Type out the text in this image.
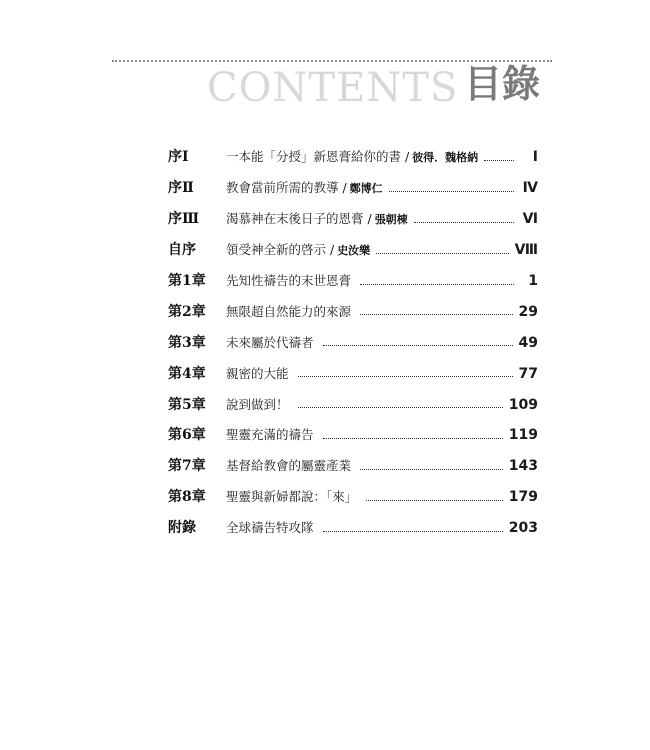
CONTENTS 目錄
序Ⅰ	一本能「分授」新恩膏給你的書 / 彼得．魏格納	Ⅰ
序Ⅱ	教會當前所需的教導 / 鄭博仁	Ⅳ
序Ⅲ	渴慕神在末後日子的恩膏 / 張朝棟	Ⅵ
自序	領受神全新的啓示 / 史汝樂	Ⅷ
第1章	先知性禱告的末世恩膏	1
第2章	無限超自然能力的來源	29
第3章	未來屬於代禱者	49
第4章	親密的大能	77
第5章	說到做到！	109
第6章	聖靈充滿的禱告	119
第7章	基督給教會的屬靈產業	143
第8章	聖靈與新婦都說：「來」	179
附錄	全球禱告特攻隊	203
